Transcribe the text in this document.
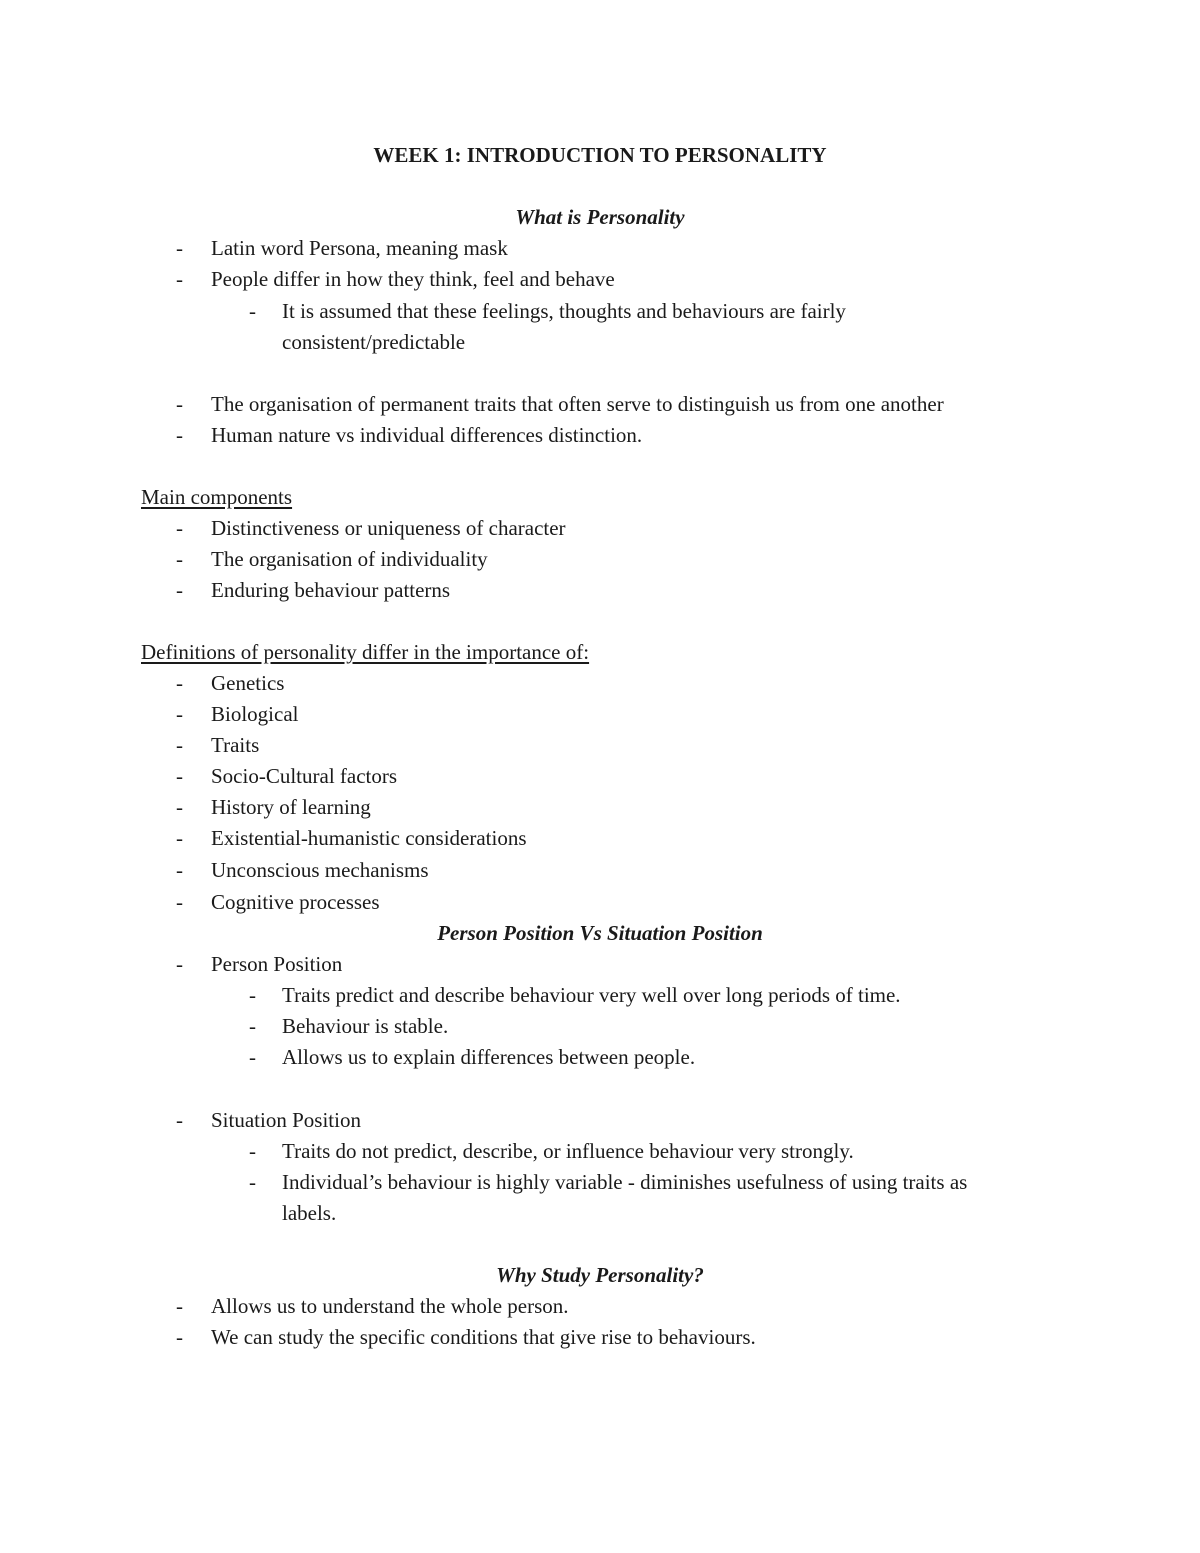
WEEK 1: INTRODUCTION TO PERSONALITY
What is Personality
- Latin word Persona, meaning mask
- People differ in how they think, feel and behave
- It is assumed that these feelings, thoughts and behaviours are fairly
consistent/predictable
- The organisation of permanent traits that often serve to distinguish us from one another
- Human nature vs individual differences distinction.
Main components
- Distinctiveness or uniqueness of character
- The organisation of individuality
- Enduring behaviour patterns
Definitions of personality differ in the importance of:
- Genetics
- Biological
- Traits
- Socio-Cultural factors
- History of learning
- Existential-humanistic considerations
- Unconscious mechanisms
- Cognitive processes
Person Position Vs Situation Position
- Person Position
- Traits predict and describe behaviour very well over long periods of time.
- Behaviour is stable.
- Allows us to explain differences between people.
- Situation Position
- Traits do not predict, describe, or influence behaviour very strongly.
- Individual’s behaviour is highly variable - diminishes usefulness of using traits as
labels.
Why Study Personality?
- Allows us to understand the whole person.
- We can study the specific conditions that give rise to behaviours.
